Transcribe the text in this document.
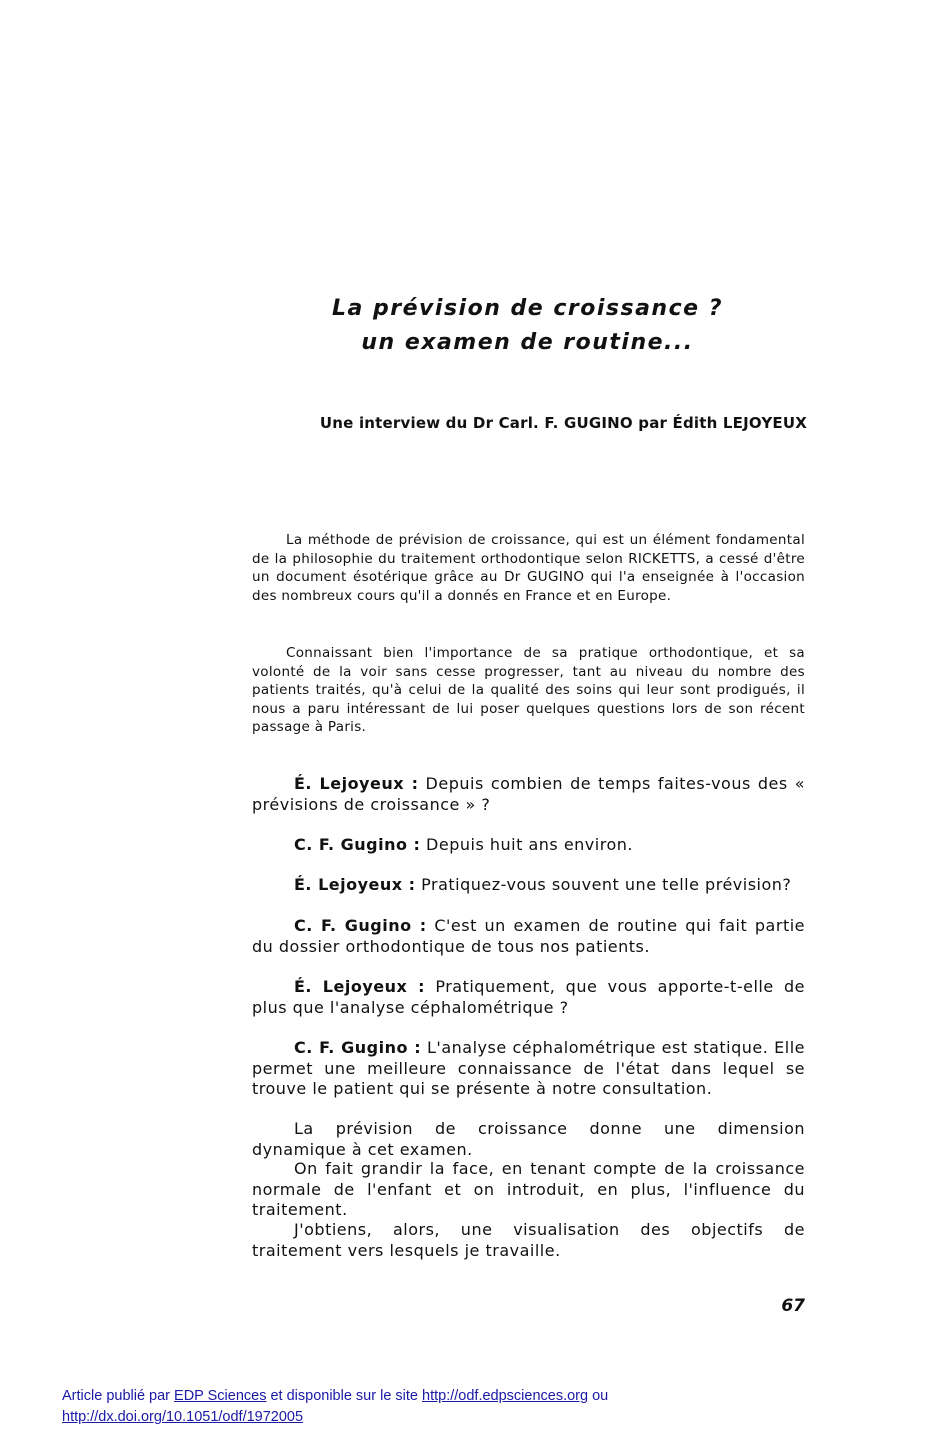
La prévision de croissance ?
un examen de routine...

Une interview du Dr Carl. F. GUGINO par Édith LEJOYEUX

La méthode de prévision de croissance, qui est un élément fondamental de la philosophie du traitement orthodontique selon RICKETTS, a cessé d'être un document ésotérique grâce au Dr GUGINO qui l'a enseignée à l'occasion des nombreux cours qu'il a donnés en France et en Europe.

Connaissant bien l'importance de sa pratique orthodontique, et sa volonté de la voir sans cesse progresser, tant au niveau du nombre des patients traités, qu'à celui de la qualité des soins qui leur sont prodigués, il nous a paru intéressant de lui poser quelques questions lors de son récent passage à Paris.

É. Lejoyeux : Depuis combien de temps faites-vous des « prévisions de croissance » ?

C. F. Gugino : Depuis huit ans environ.

É. Lejoyeux : Pratiquez-vous souvent une telle prévision?

C. F. Gugino : C'est un examen de routine qui fait partie du dossier orthodontique de tous nos patients.

É. Lejoyeux : Pratiquement, que vous apporte-t-elle de plus que l'analyse céphalométrique ?

C. F. Gugino : L'analyse céphalométrique est statique. Elle permet une meilleure connaissance de l'état dans lequel se trouve le patient qui se présente à notre consultation.

La prévision de croissance donne une dimension dynamique à cet examen.

On fait grandir la face, en tenant compte de la croissance normale de l'enfant et on introduit, en plus, l'influence du traitement.

J'obtiens, alors, une visualisation des objectifs de traitement vers lesquels je travaille.

67

Article publié par EDP Sciences et disponible sur le site http://odf.edpsciences.org ou

http://dx.doi.org/10.1051/odf/1972005
